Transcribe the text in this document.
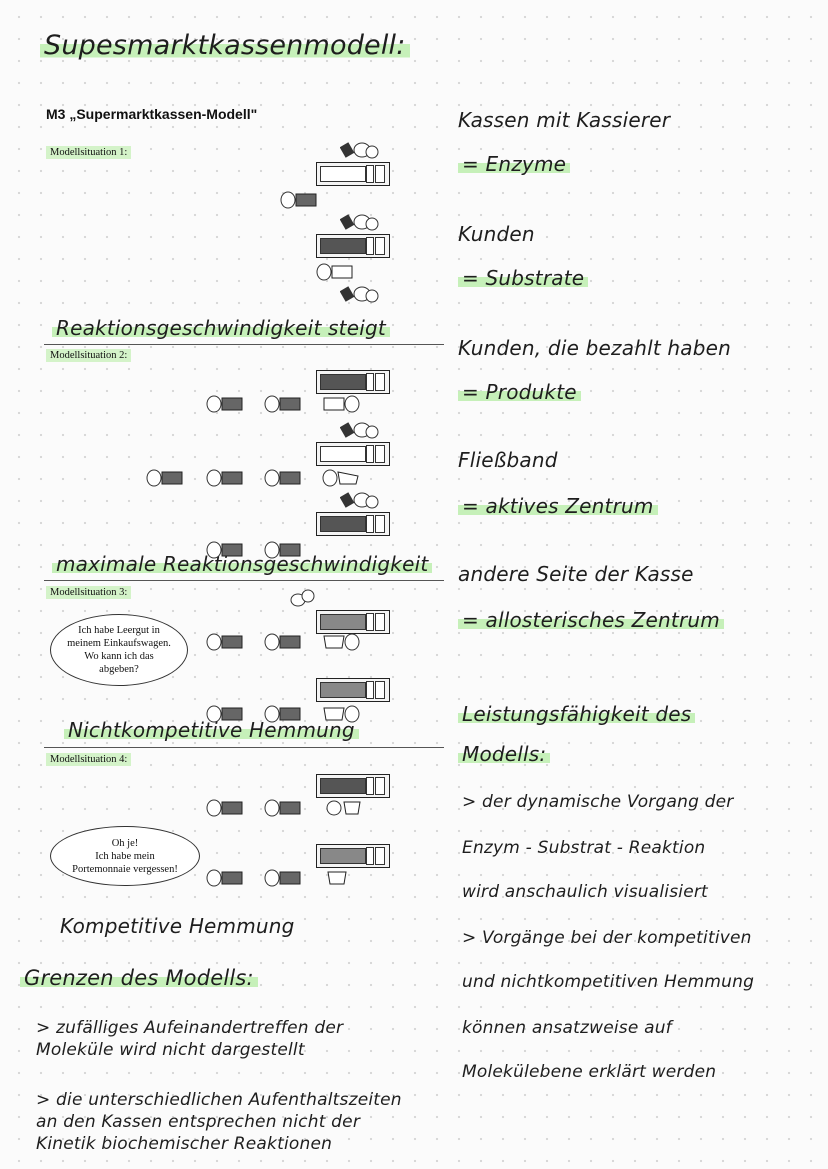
Supesmarktkassenmodell:
M3 „Supermarktkassen-Modell"
Modellsituation 1:
Modellsituation 2:
Modellsituation 3:
Modellsituation 4:
Ich habe Leergut in
meinem Einkaufswagen.
Wo kann ich das
abgeben?
Oh je!
Ich habe mein
Portemonnaie vergessen!
Reaktionsgeschwindigkeit steigt
maximale Reaktionsgeschwindigkeit
Nichtkompetitive Hemmung
Kompetitive Hemmung
Kassen mit Kassierer
= Enzyme
Kunden
= Substrate
Kunden, die bezahlt haben
= Produkte
Fließband
= aktives Zentrum
andere Seite der Kasse
= allosterisches Zentrum
Leistungsfähigkeit des
Modells:
> der dynamische Vorgang der
Enzym - Substrat - Reaktion
wird anschaulich visualisiert
> Vorgänge bei der kompetitiven
und nichtkompetitiven Hemmung
können ansatzweise auf
Molekülebene erklärt werden
Grenzen des Modells:
> zufälliges Aufeinandertreffen der
Moleküle wird nicht dargestellt
> die unterschiedlichen Aufenthaltszeiten
an den Kassen entsprechen nicht der
Kinetik biochemischer Reaktionen
